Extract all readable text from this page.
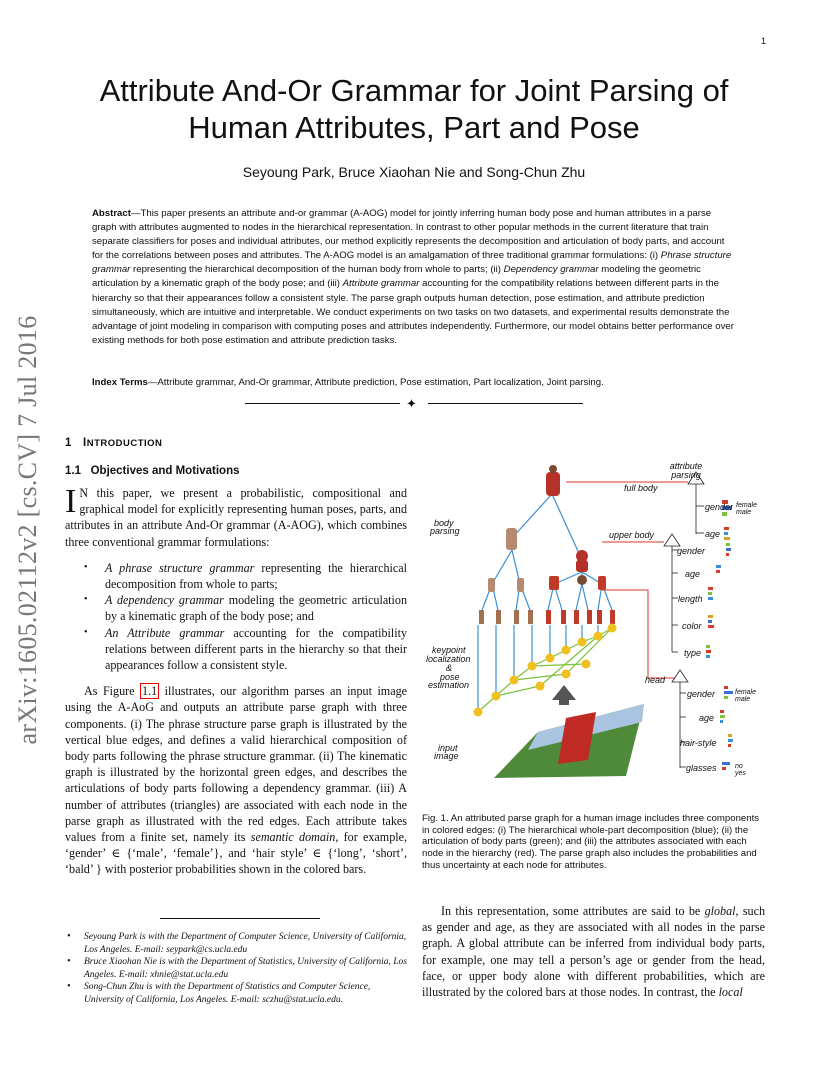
1
arXiv:1605.02112v2 [cs.CV] 7 Jul 2016
Attribute And-Or Grammar for Joint Parsing of
Human Attributes, Part and Pose
Seyoung Park, Bruce Xiaohan Nie and Song-Chun Zhu
Abstract—This paper presents an attribute and-or grammar (A-AOG) model for jointly inferring human body pose and human attributes in a parse graph with attributes augmented to nodes in the hierarchical representation. In contrast to other popular methods in the current literature that train separate classifiers for poses and individual attributes, our method explicitly represents the decomposition and articulation of body parts, and account for the correlations between poses and attributes. The A-AOG model is an amalgamation of three traditional grammar formulations: (i) Phrase structure grammar representing the hierarchical decomposition of the human body from whole to parts; (ii) Dependency grammar modeling the geometric articulation by a kinematic graph of the body pose; and (iii) Attribute grammar accounting for the compatibility relations between different parts in the hierarchy so that their appearances follow a consistent style. The parse graph outputs human detection, pose estimation, and attribute prediction simultaneously, which are intuitive and interpretable. We conduct experiments on two tasks on two datasets, and experimental results demonstrate the advantage of joint modeling in comparison with computing poses and attributes independently. Furthermore, our model obtains better performance over existing methods for both pose estimation and attribute prediction tasks.
Index Terms—Attribute grammar, And-Or grammar, Attribute prediction, Pose estimation, Part localization, Joint parsing.
✦
1 INTRODUCTION
1.1 Objectives and Motivations
I N this paper, we present a probabilistic, compositional and graphical model for explicitly representing human poses, parts, and attributes in an attribute And-Or grammar (A-AOG), which combines three conventional grammar formulations:
• A phrase structure grammar representing the hierarchical decomposition from whole to parts;
• A dependency grammar modeling the geometric articulation by a kinematic graph of the body pose; and
• An Attribute grammar accounting for the compatibility relations between different parts in the hierarchy so that their appearances follow a consistent style.
As Figure 1.1 illustrates, our algorithm parses an input image using the A-AoG and outputs an attribute parse graph with three components. (i) The phrase structure parse graph is illustrated by the vertical blue edges, and defines a valid hierarchical composition of body parts following the phrase structure grammar. (ii) The kinematic graph is illustrated by the horizontal green edges, and describes the articulations of body parts following a dependency grammar. (iii) A number of attributes (triangles) are associated with each node in the parse graph as illustrated with the red edges. Each attribute takes values from a finite set, namely its semantic domain, for example, ‘gender’ ∈ {‘male’, ‘female’}, and ‘hair style’ ∈ {‘long’, ‘short’, ‘bald’ } with posterior probabilities shown in the colored bars.
• Seyoung Park is with the Department of Computer Science, University of California, Los Angeles. E-mail: seypark@cs.ucla.edu
• Bruce Xiaohan Nie is with the Department of Statistics, University of California, Los Angeles. E-mail: xhnie@stat.ucla.edu
• Song-Chun Zhu is with the Department of Statistics and Computer Science, University of California, Los Angeles. E-mail: sczhu@stat.ucla.edu.
attribute
parsing
full body
body
parsing	upper body
keypoint
localization
&
pose
estimation	head
input
image
gender female
male
age
gender
age
length
color
type
gender	female
male
age
hair-style
glasses	no
yes
Fig. 1. An attributed parse graph for a human image includes three components in colored edges: (i) The hierarchical whole-part decomposition (blue); (ii) the articulation of body parts (green); and (iii) the attributes associated with each node in the hierarchy (red). The parse graph also includes the probabilities and thus uncertainty at each node for attributes.
In this representation, some attributes are said to be global, such as gender and age, as they are associated with all nodes in the parse graph. A global attribute can be inferred from individual body parts, for example, one may tell a person’s age or gender from the head, face, or upper body alone with different probabilities, which are illustrated by the colored bars at those nodes. In contrast, the local
